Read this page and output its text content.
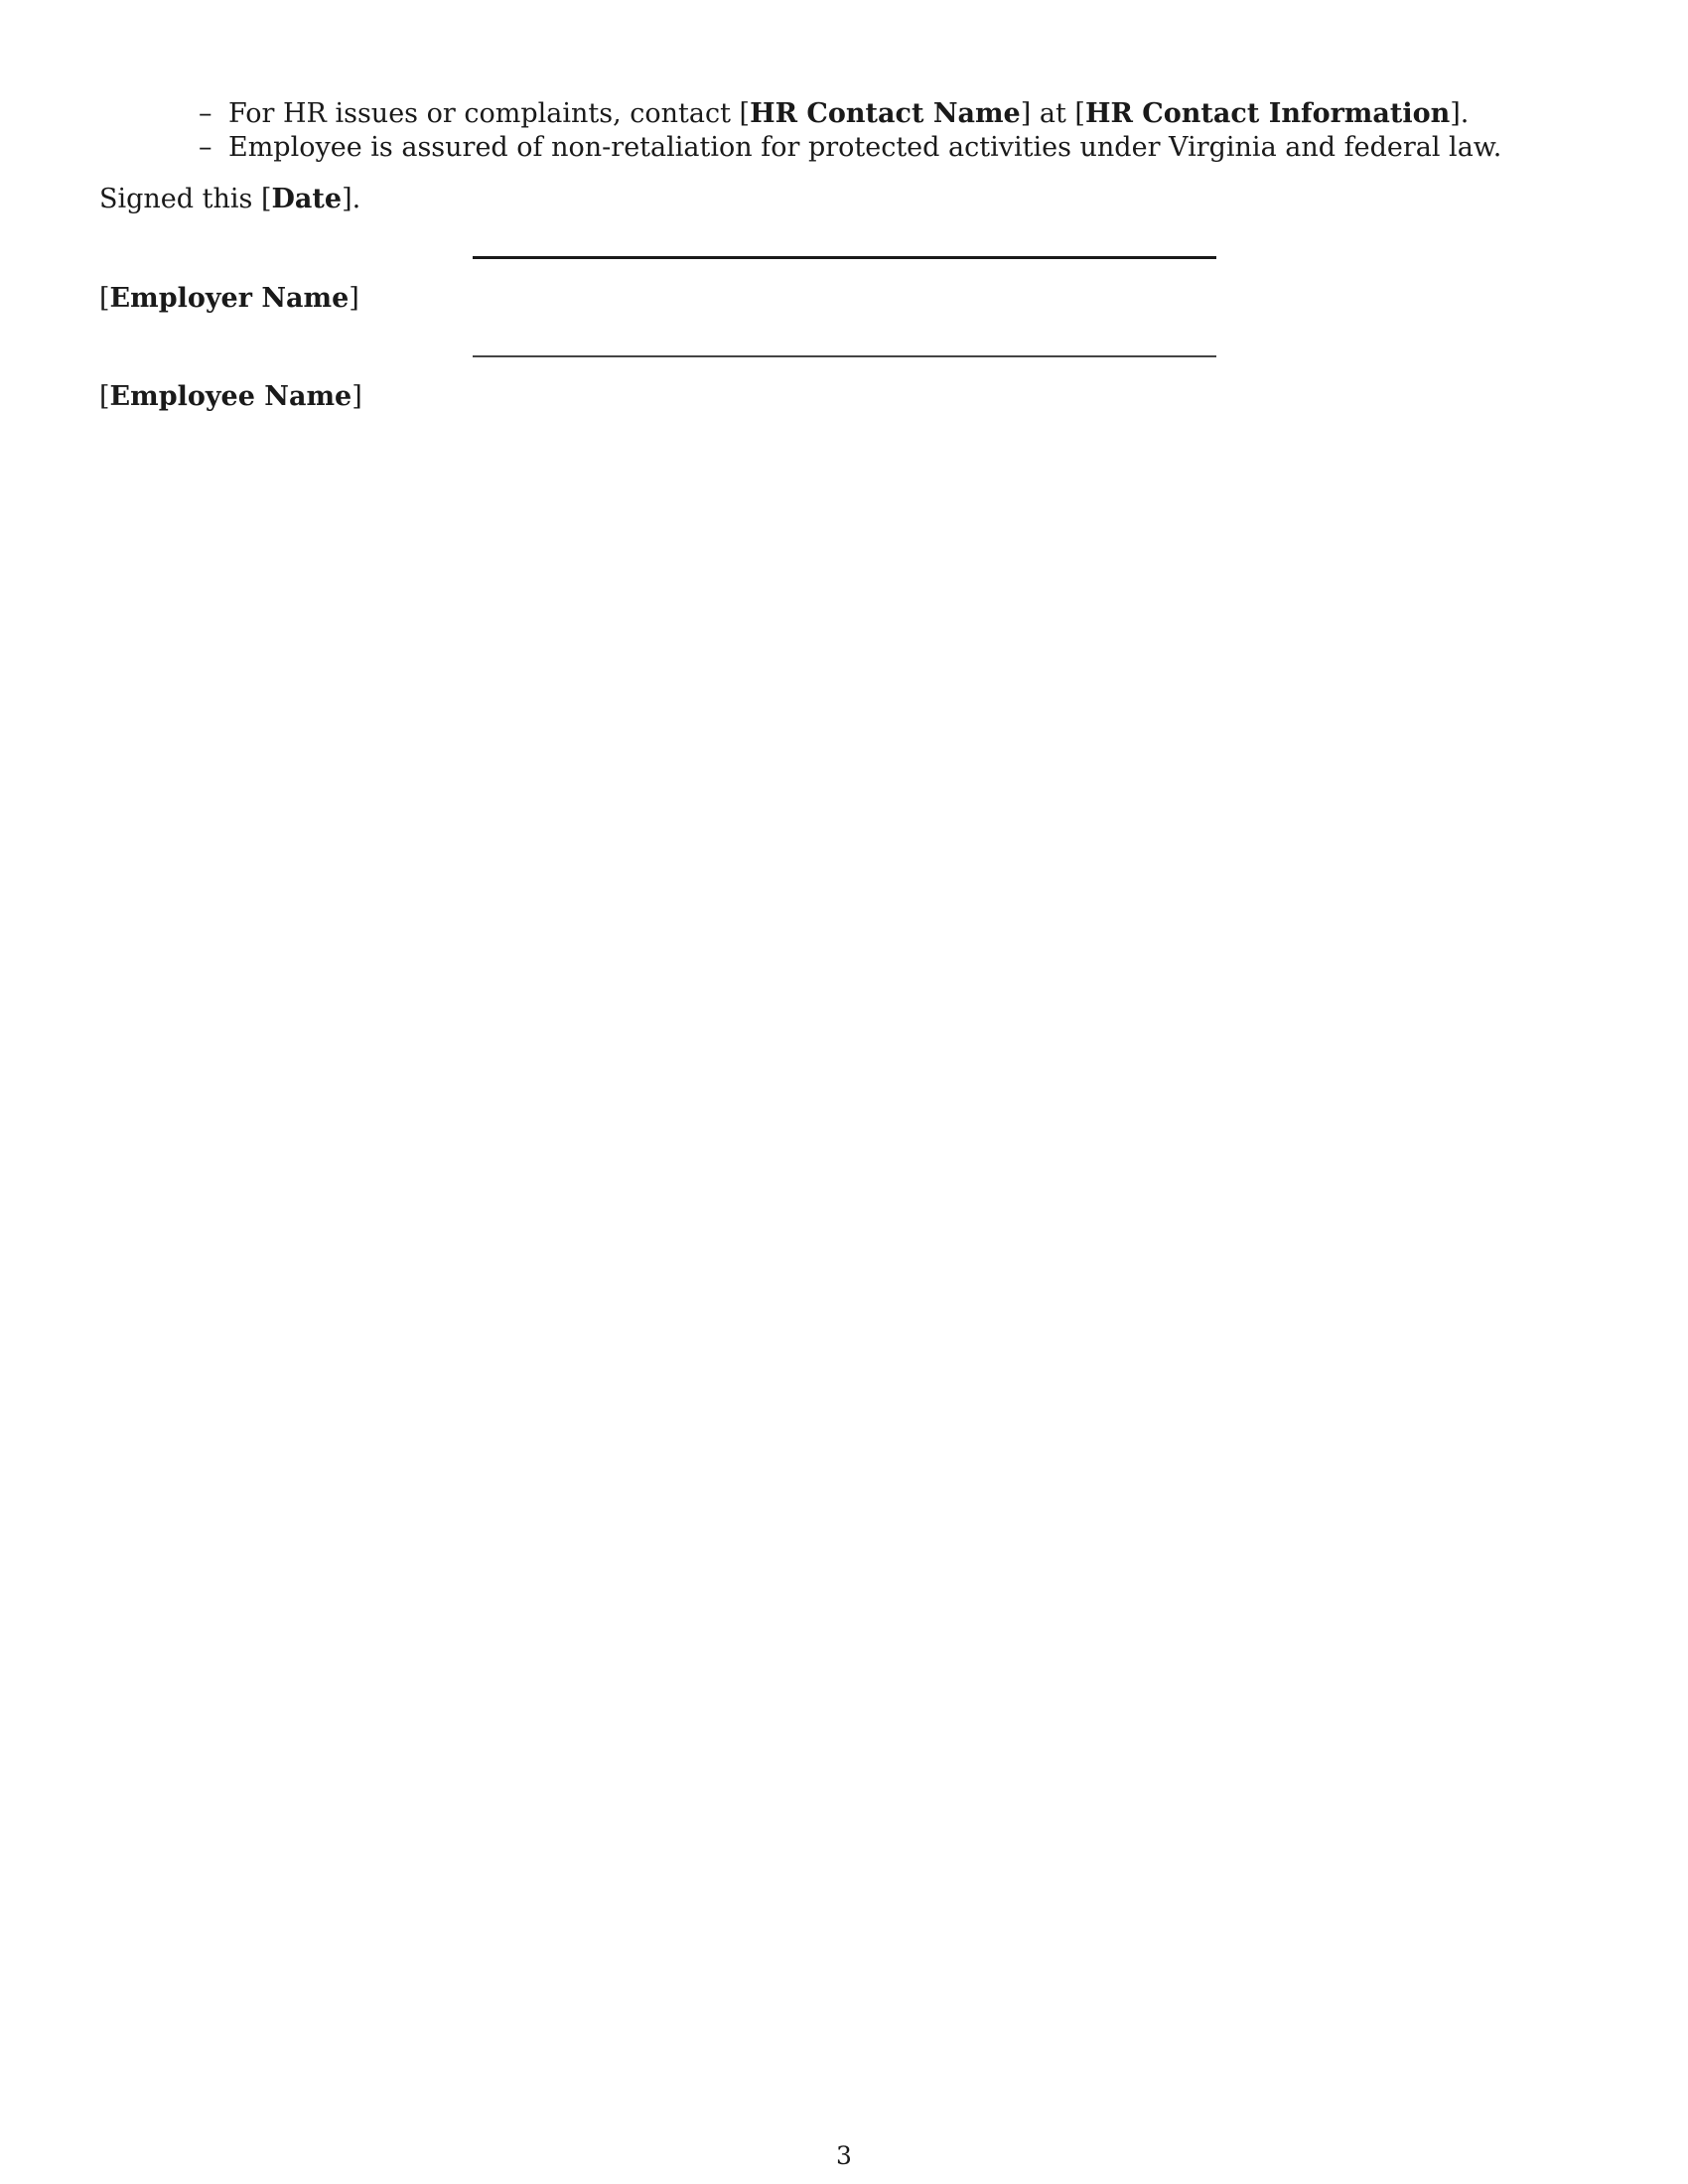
– For HR issues or complaints, contact [HR Contact Name] at [HR Contact Information].
– Employee is assured of non-retaliation for protected activities under Virginia and federal law.
Signed this [Date].
[Employer Name]
[Employee Name]
3
